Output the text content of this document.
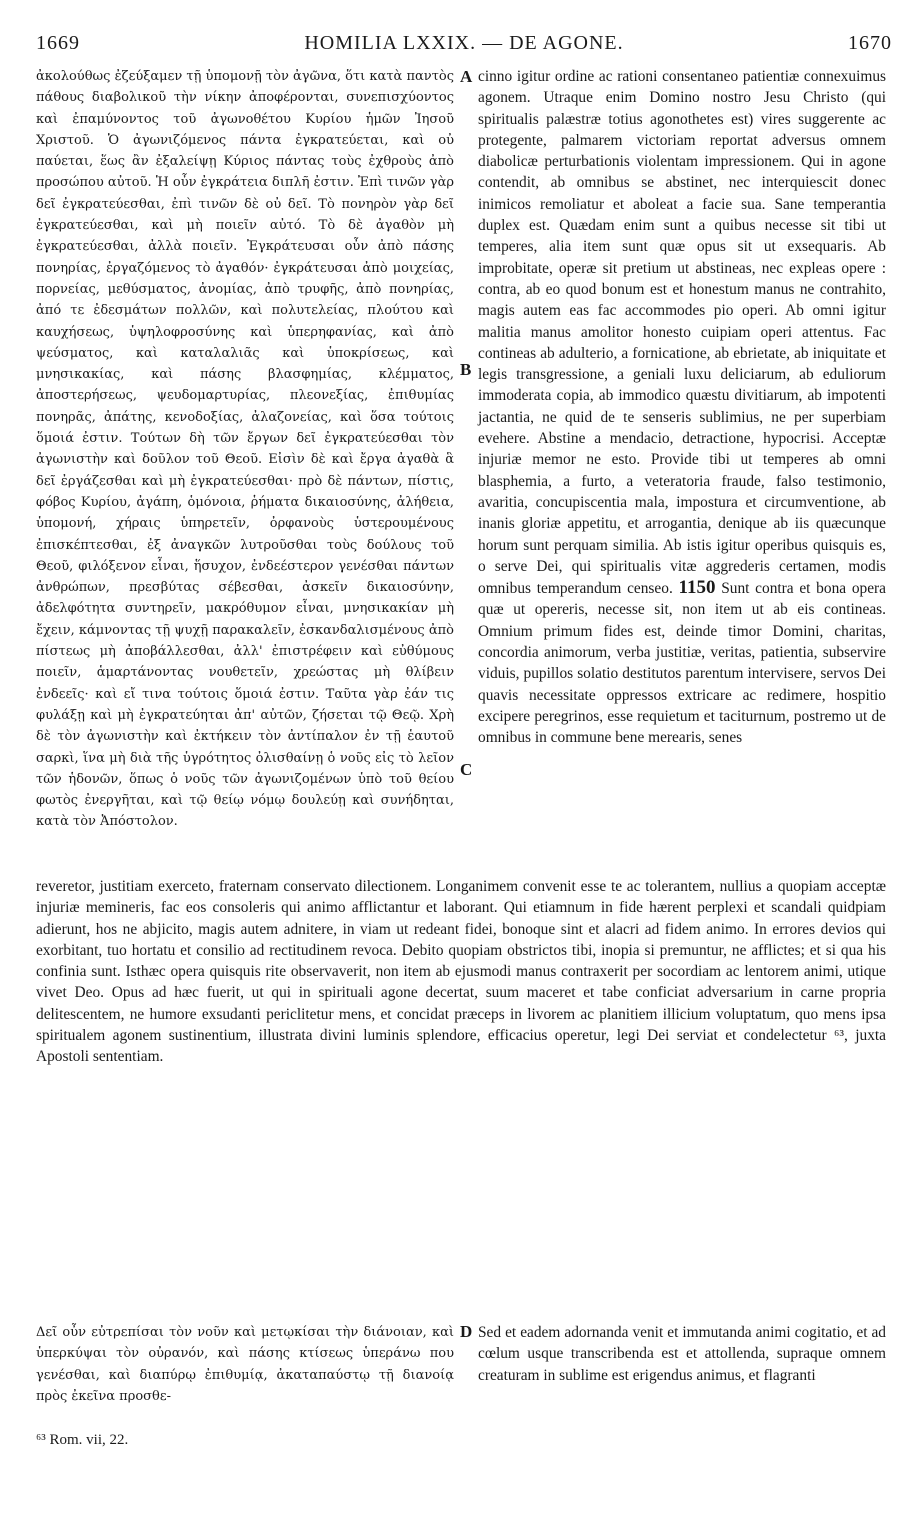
1669	HOMILIA LXXIX. — DE AGONE.	1670
ἀκολούθως ἐζεύξαμεν τῇ ὑπομονῇ τὸν ἀγῶνα, ὅτι κατὰ παντὸς πάθους διαβολικοῦ τὴν νίκην ἀποφέρονται, συνεπισχύοντος καὶ ἐπαμύνοντος τοῦ ἀγωνοθέτου Κυρίου ἡμῶν Ἰησοῦ Χριστοῦ. Ὁ ἀγωνιζόμενος πάντα ἐγκρατεύεται, καὶ οὐ παύεται, ἕως ἂν ἐξαλείψῃ Κύριος πάντας τοὺς ἐχθροὺς ἀπὸ προσώπου αὐτοῦ. Ἡ οὖν ἐγκράτεια διπλῆ ἐστιν. Ἐπὶ τινῶν γὰρ δεῖ ἐγκρατεύεσθαι, ἐπὶ τινῶν δὲ οὐ δεῖ. Τὸ πονηρὸν γὰρ δεῖ ἐγκρατεύεσθαι, καὶ μὴ ποιεῖν αὐτό. Τὸ δὲ ἀγαθὸν μὴ ἐγκρατεύεσθαι, ἀλλὰ ποιεῖν. Ἐγκράτευσαι οὖν ἀπὸ πάσης πονηρίας, ἐργαζόμενος τὸ ἀγαθόν· ἐγκράτευσαι ἀπὸ μοιχείας, πορνείας, μεθύσματος, ἀνομίας, ἀπὸ τρυφῆς, ἀπὸ πονηρίας, ἀπό τε ἐδεσμάτων πολλῶν, καὶ πολυτελείας, πλούτου καὶ καυχήσεως, ὑψηλοφροσύνης καὶ ὑπερηφανίας, καὶ ἀπὸ ψεύσματος, καὶ καταλαλιᾶς καὶ ὑποκρίσεως, καὶ μνησικακίας, καὶ πάσης βλασφημίας, κλέμματος, ἀποστερήσεως, ψευδομαρτυρίας, πλεονεξίας, ἐπιθυμίας πονηρᾶς, ἀπάτης, κενοδοξίας, ἀλαζονείας, καὶ ὅσα τούτοις ὅμοιά ἐστιν. Τούτων δὴ τῶν ἔργων δεῖ ἐγκρατεύεσθαι τὸν ἀγωνιστὴν καὶ δοῦλον τοῦ Θεοῦ. Εἰσὶν δὲ καὶ ἔργα ἀγαθὰ ἃ δεῖ ἐργάζεσθαι καὶ μὴ ἐγκρατεύεσθαι· πρὸ δὲ πάντων, πίστις, φόβος Κυρίου, ἀγάπη, ὁμόνοια, ῥήματα δικαιοσύνης, ἀλήθεια, ὑπομονή, χήραις ὑπηρετεῖν, ὀρφανοὺς ὑστερουμένους ἐπισκέπτεσθαι, ἐξ ἀναγκῶν λυτροῦσθαι τοὺς δούλους τοῦ Θεοῦ, φιλόξενον εἶναι, ἥσυχον, ἐνδεέστερον γενέσθαι πάντων ἀνθρώπων, πρεσβύτας σέβεσθαι, ἀσκεῖν δικαιοσύνην, ἀδελφότητα συντηρεῖν, μακρόθυμον εἶναι, μνησικακίαν μὴ ἔχειν, κάμνοντας τῇ ψυχῇ παρακαλεῖν, ἐσκανδαλισμένους ἀπὸ πίστεως μὴ ἀποβάλλεσθαι, ἀλλ' ἐπιστρέφειν καὶ εὐθύμους ποιεῖν, ἁμαρτάνοντας νουθετεῖν, χρεώστας μὴ θλίβειν ἐνδεεῖς· καὶ εἴ τινα τούτοις ὅμοιά ἐστιν. Ταῦτα γὰρ ἐάν τις φυλάξῃ καὶ μὴ ἐγκρατεύηται ἀπ' αὐτῶν, ζήσεται τῷ Θεῷ. Χρὴ δὲ τὸν ἀγωνιστὴν καὶ ἐκτήκειν τὸν ἀντίπαλον ἐν τῇ ἑαυτοῦ σαρκὶ, ἵνα μὴ διὰ τῆς ὑγρότητος ὀλισθαίνῃ ὁ νοῦς εἰς τὸ λεῖον τῶν ἡδονῶν, ὅπως ὁ νοῦς τῶν ἀγωνιζομένων ὑπὸ τοῦ θείου φωτὸς ἐνεργῆται, καὶ τῷ θείῳ νόμῳ δουλεύῃ καὶ συνήδηται, κατὰ τὸν Ἀπόστολον.
A
B
C
D
cinno igitur ordine ac rationi consentaneo patientiæ connexuimus agonem. Utraque enim Domino nostro Jesu Christo (qui spiritualis palæstræ totius agonothetes est) vires suggerente ac protegente, palmarem victoriam reportat adversus omnem diabolicæ perturbationis violentam impressionem. Qui in agone contendit, ab omnibus se abstinet, nec interquiescit donec inimicos remoliatur et aboleat a facie sua. Sane temperantia duplex est. Quædam enim sunt a quibus necesse sit tibi ut temperes, alia item sunt quæ opus sit ut exsequaris. Ab improbitate, operæ sit pretium ut abstineas, nec expleas opere : contra, ab eo quod bonum est et honestum manus ne contrahito, magis autem eas fac accommodes pio operi. Ab omni igitur malitia manus amolitor honesto cuipiam operi attentus. Fac contineas ab adulterio, a fornicatione, ab ebrietate, ab iniquitate et legis transgressione, a geniali luxu deliciarum, ab eduliorum immoderata copia, ab immodico quæstu divitiarum, ab impotenti jactantia, ne quid de te senseris sublimius, ne per superbiam evehere. Abstine a mendacio, detractione, hypocrisi. Acceptæ injuriæ memor ne esto. Provide tibi ut temperes ab omni blasphemia, a furto, a veteratoria fraude, falso testimonio, avaritia, concupiscentia mala, impostura et circumventione, ab inanis gloriæ appetitu, et arrogantia, denique ab iis quæcunque horum sunt perquam similia. Ab istis igitur operibus quisquis es, o serve Dei, qui spiritualis vitæ aggrederis certamen, modis omnibus temperandum censeo. 1150 Sunt contra et bona opera quæ ut opereris, necesse sit, non item ut ab eis contineas. Omnium primum fides est, deinde timor Domini, charitas, concordia animorum, verba justitiæ, veritas, patientia, subservire viduis, pupillos solatio destitutos parentum intervisere, servos Dei quavis necessitate oppressos extricare ac redimere, hospitio excipere peregrinos, esse requietum et taciturnum, postremo ut de omnibus in commune bene merearis, senes
reveretor, justitiam exerceto, fraternam conservato dilectionem. Longanimem convenit esse te ac tolerantem, nullius a quopiam acceptæ injuriæ memineris, fac eos consoleris qui animo afflictantur et laborant. Qui etiamnum in fide hærent perplexi et scandali quidpiam adierunt, hos ne abjicito, magis autem adnitere, in viam ut redeant fidei, bonoque sint et alacri ad fidem animo. In errores devios qui exorbitant, tuo hortatu et consilio ad rectitudinem revoca. Debito quopiam obstrictos tibi, inopia si premuntur, ne afflictes; et si qua his confinia sunt. Isthæc opera quisquis rite observaverit, non item ab ejusmodi manus contraxerit per socordiam ac lentorem animi, utique vivet Deo. Opus ad hæc fuerit, ut qui in spirituali agone decertat, suum maceret et tabe conficiat adversarium in carne propria delitescentem, ne humore exsudanti periclitetur mens, et concidat præceps in livorem ac planitiem illicium voluptatum, quo mens ipsa spiritualem agonem sustinentium, illustrata divini luminis splendore, efficacius operetur, legi Dei serviat et condelectetur ⁶³, juxta Apostoli sententiam.
Δεῖ οὖν εὐτρεπίσαι τὸν νοῦν καὶ μετῳκίσαι τὴν διάνοιαν, καὶ ὑπερκύψαι τὸν οὐρανόν, καὶ πάσης κτίσεως ὑπεράνω που γενέσθαι, καὶ διαπύρῳ ἐπιθυμίᾳ, ἀκαταπαύστῳ τῇ διανοίᾳ πρὸς ἐκεῖνα προσθε-
Sed et eadem adornanda venit et immutanda animi cogitatio, et ad cœlum usque transcribenda est et attollenda, supraque omnem creaturam in sublime est erigendus animus, et flagranti
⁶³ Rom. vii, 22.
